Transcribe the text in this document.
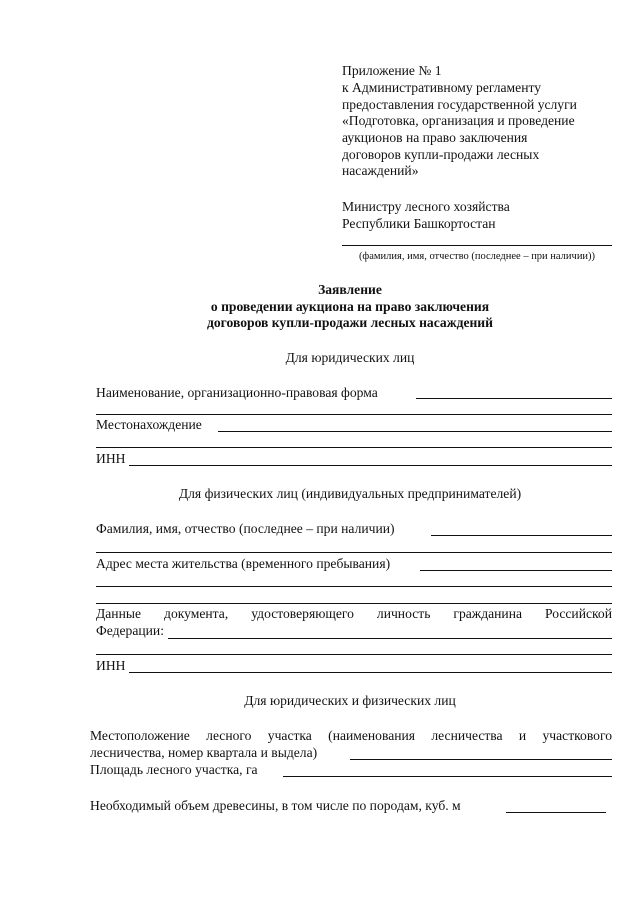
Приложение № 1
к Административному регламенту
предоставления государственной услуги
«Подготовка, организация и проведение
аукционов на право заключения
договоров купли-продажи лесных
насаждений»
Министру лесного хозяйства
Республики Башкортостан
(фамилия, имя, отчество (последнее – при наличии))
Заявление
о проведении аукциона на право заключения
договоров купли-продажи лесных насаждений
Для юридических лиц
Наименование, организационно-правовая форма
Местонахождение
ИНН
Для физических лиц (индивидуальных предпринимателей)
Фамилия, имя, отчество (последнее – при наличии)
Адрес места жительства (временного пребывания)
Данные документа, удостоверяющего личность гражданина Российской
Федерации:
ИНН
Для юридических и физических лиц
Местоположение лесного участка (наименования лесничества и участкового
лесничества, номер квартала и выдела)
Площадь лесного участка, га
Необходимый объем древесины, в том числе по породам, куб. м
